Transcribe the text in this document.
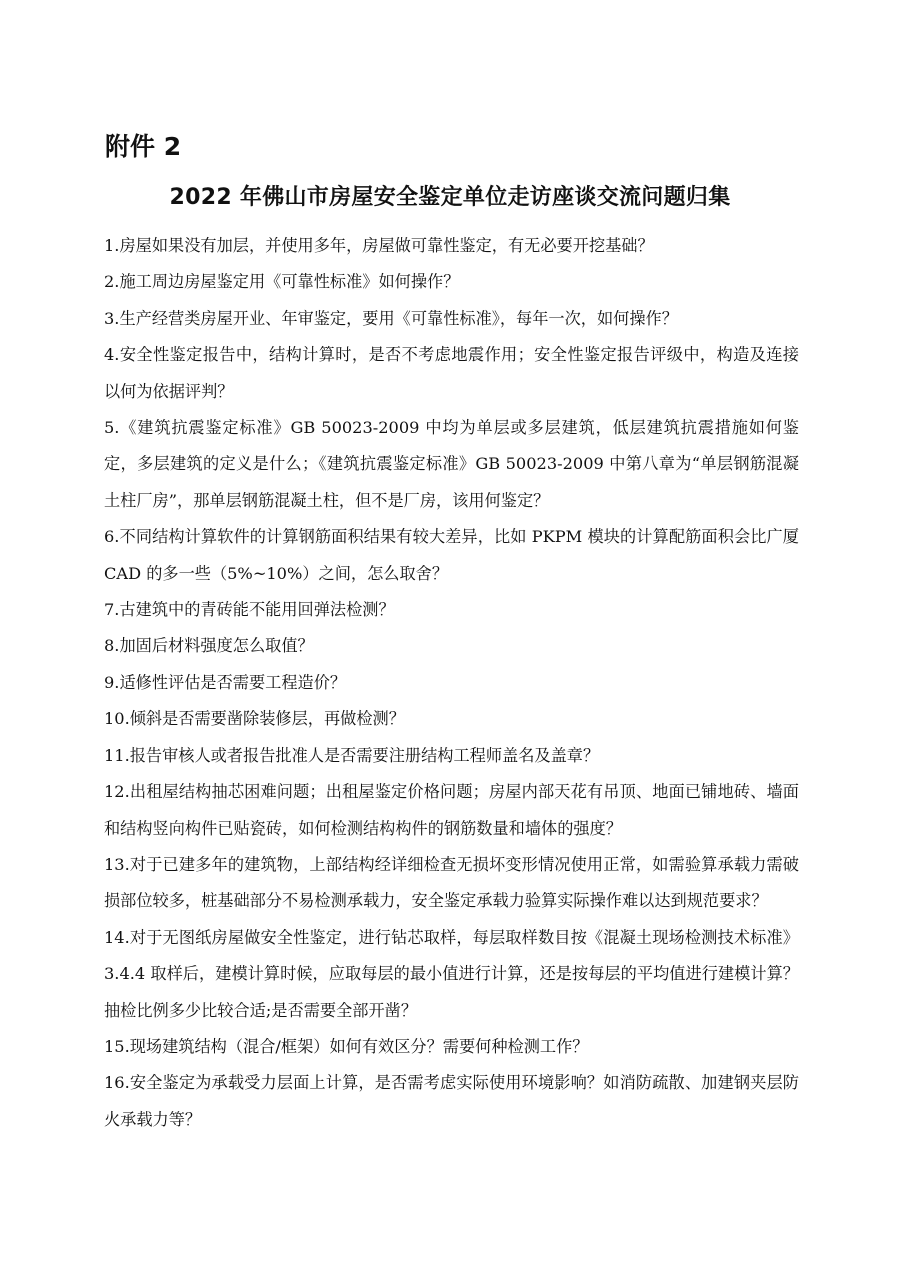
附件 2

2022 年佛山市房屋安全鉴定单位走访座谈交流问题归集
1.房屋如果没有加层，并使用多年，房屋做可靠性鉴定，有无必要开挖基础？
2.施工周边房屋鉴定用《可靠性标准》如何操作？
3.生产经营类房屋开业、年审鉴定，要用《可靠性标准》，每年一次，如何操作？
4.安全性鉴定报告中，结构计算时，是否不考虑地震作用；安全性鉴定报告评级中，构造及连接以何为依据评判？
5.《建筑抗震鉴定标准》GB 50023-2009 中均为单层或多层建筑，低层建筑抗震措施如何鉴定，多层建筑的定义是什么；《建筑抗震鉴定标准》GB 50023-2009 中第八章为“单层钢筋混凝土柱厂房”，那单层钢筋混凝土柱，但不是厂房，该用何鉴定？
6.不同结构计算软件的计算钢筋面积结果有较大差异，比如 PKPM 模块的计算配筋面积会比广厦 CAD 的多一些（5%~10%）之间，怎么取舍？
7.古建筑中的青砖能不能用回弹法检测？
8.加固后材料强度怎么取值？
9.适修性评估是否需要工程造价？
10.倾斜是否需要凿除装修层，再做检测？
11.报告审核人或者报告批准人是否需要注册结构工程师盖名及盖章？
12.出租屋结构抽芯困难问题；出租屋鉴定价格问题；房屋内部天花有吊顶、地面已铺地砖、墙面和结构竖向构件已贴瓷砖，如何检测结构构件的钢筋数量和墙体的强度？
13.对于已建多年的建筑物，上部结构经详细检查无损坏变形情况使用正常，如需验算承载力需破损部位较多，桩基础部分不易检测承载力，安全鉴定承载力验算实际操作难以达到规范要求？
14.对于无图纸房屋做安全性鉴定，进行钻芯取样，每层取样数目按《混凝土现场检测技术标准》3.4.4 取样后，建模计算时候，应取每层的最小值进行计算，还是按每层的平均值进行建模计算？抽检比例多少比较合适;是否需要全部开凿？
15.现场建筑结构（混合/框架）如何有效区分？需要何种检测工作？
16.安全鉴定为承载受力层面上计算，是否需考虑实际使用环境影响？如消防疏散、加建钢夹层防火承载力等？
